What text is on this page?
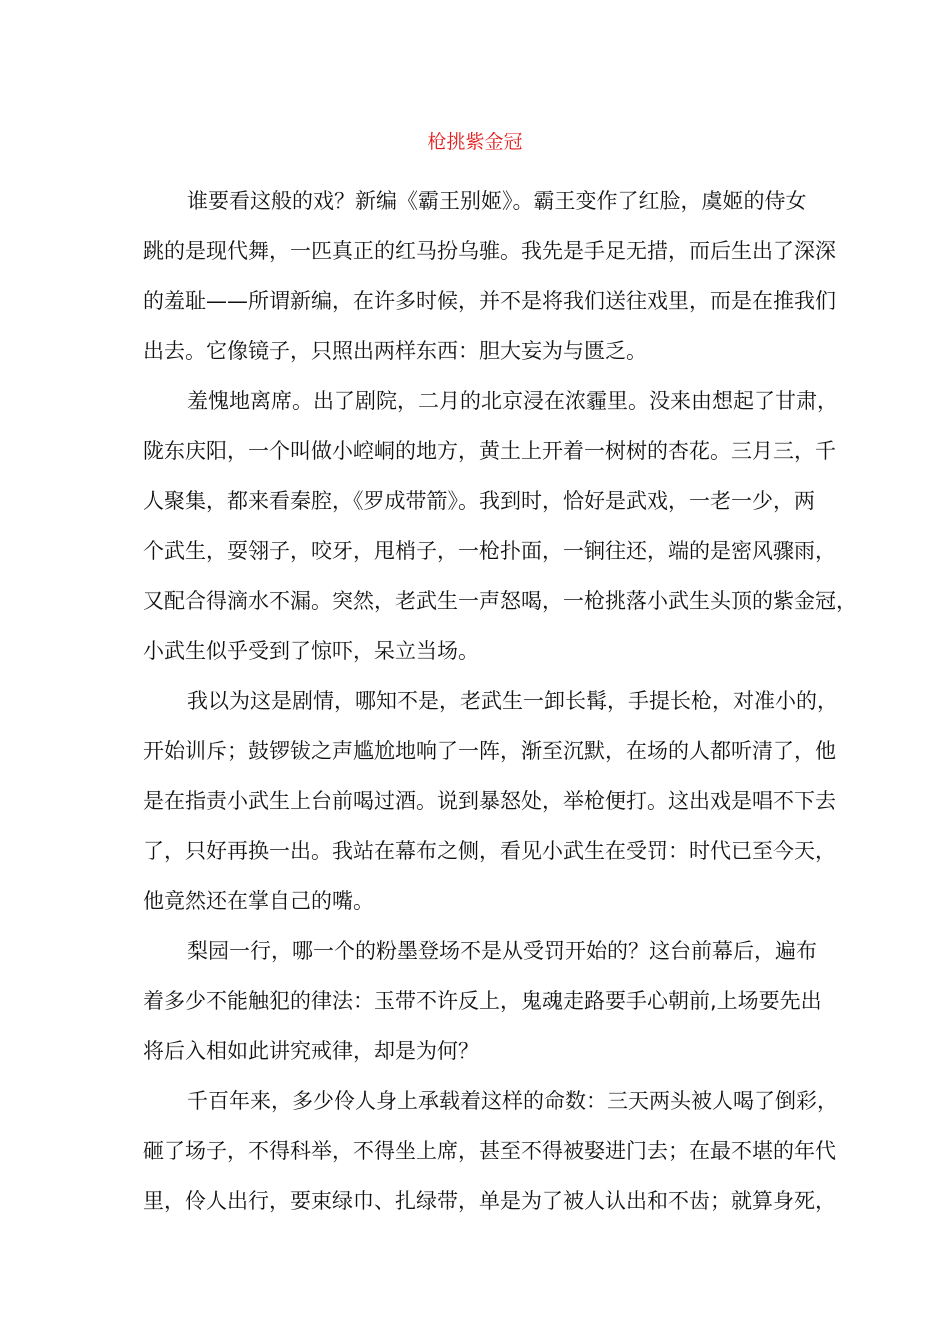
枪挑紫金冠

谁要看这般的戏？新编《霸王别姬》。霸王变作了红脸，虞姬的侍女
跳的是现代舞，一匹真正的红马扮乌骓。我先是手足无措，而后生出了深深
的羞耻——所谓新编，在许多时候，并不是将我们送往戏里，而是在推我们
出去。它像镜子，只照出两样东西：胆大妄为与匮乏。

羞愧地离席。出了剧院，二月的北京浸在浓霾里。没来由想起了甘肃，
陇东庆阳，一个叫做小崆峒的地方，黄土上开着一树树的杏花。三月三，千
人聚集，都来看秦腔，《罗成带箭》。我到时，恰好是武戏，一老一少，两
个武生，耍翎子，咬牙，甩梢子，一枪扑面，一锏往还，端的是密风骤雨，
又配合得滴水不漏。突然，老武生一声怒喝，一枪挑落小武生头顶的紫金冠，
小武生似乎受到了惊吓，呆立当场。

我以为这是剧情，哪知不是，老武生一卸长髯，手提长枪，对准小的，
开始训斥；鼓锣钹之声尴尬地响了一阵，渐至沉默，在场的人都听清了，他
是在指责小武生上台前喝过酒。说到暴怒处，举枪便打。这出戏是唱不下去
了，只好再换一出。我站在幕布之侧，看见小武生在受罚：时代已至今天，
他竟然还在掌自己的嘴。

梨园一行，哪一个的粉墨登场不是从受罚开始的？这台前幕后，遍布
着多少不能触犯的律法：玉带不许反上，鬼魂走路要手心朝前,上场要先出
将后入相如此讲究戒律，却是为何？

千百年来，多少伶人身上承载着这样的命数：三天两头被人喝了倒彩，
砸了场子，不得科举，不得坐上席，甚至不得被娶进门去；在最不堪的年代
里，伶人出行，要束绿巾、扎绿带，单是为了被人认出和不齿；就算身死，
